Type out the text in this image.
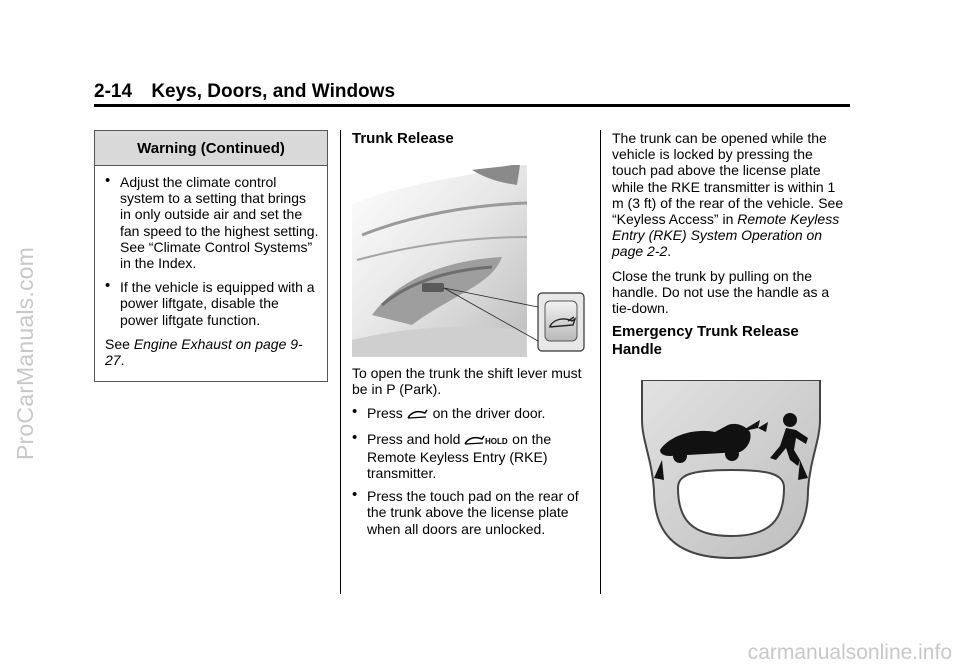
ProCarManuals.com
carmanualsonline.info
2-14 Keys, Doors, and Windows
Warning (Continued)
• Adjust the climate control system to a setting that brings in only outside air and set the fan speed to the highest setting. See “Climate Control Systems” in the Index.
• If the vehicle is equipped with a power liftgate, disable the power liftgate function.
See Engine Exhaust on page 9-27.
Trunk Release
To open the trunk the shift lever must be in P (Park).
• Press  on the driver door.
• Press and hold	HOLD on the Remote Keyless Entry (RKE) transmitter.
• Press the touch pad on the rear of the trunk above the license plate when all doors are unlocked.
The trunk can be opened while the vehicle is locked by pressing the touch pad above the license plate while the RKE transmitter is within 1 m (3 ft) of the rear of the vehicle. See “Keyless Access” in Remote Keyless Entry (RKE) System Operation on page 2-2.
Close the trunk by pulling on the handle. Do not use the handle as a tie-down.
Emergency Trunk Release Handle
